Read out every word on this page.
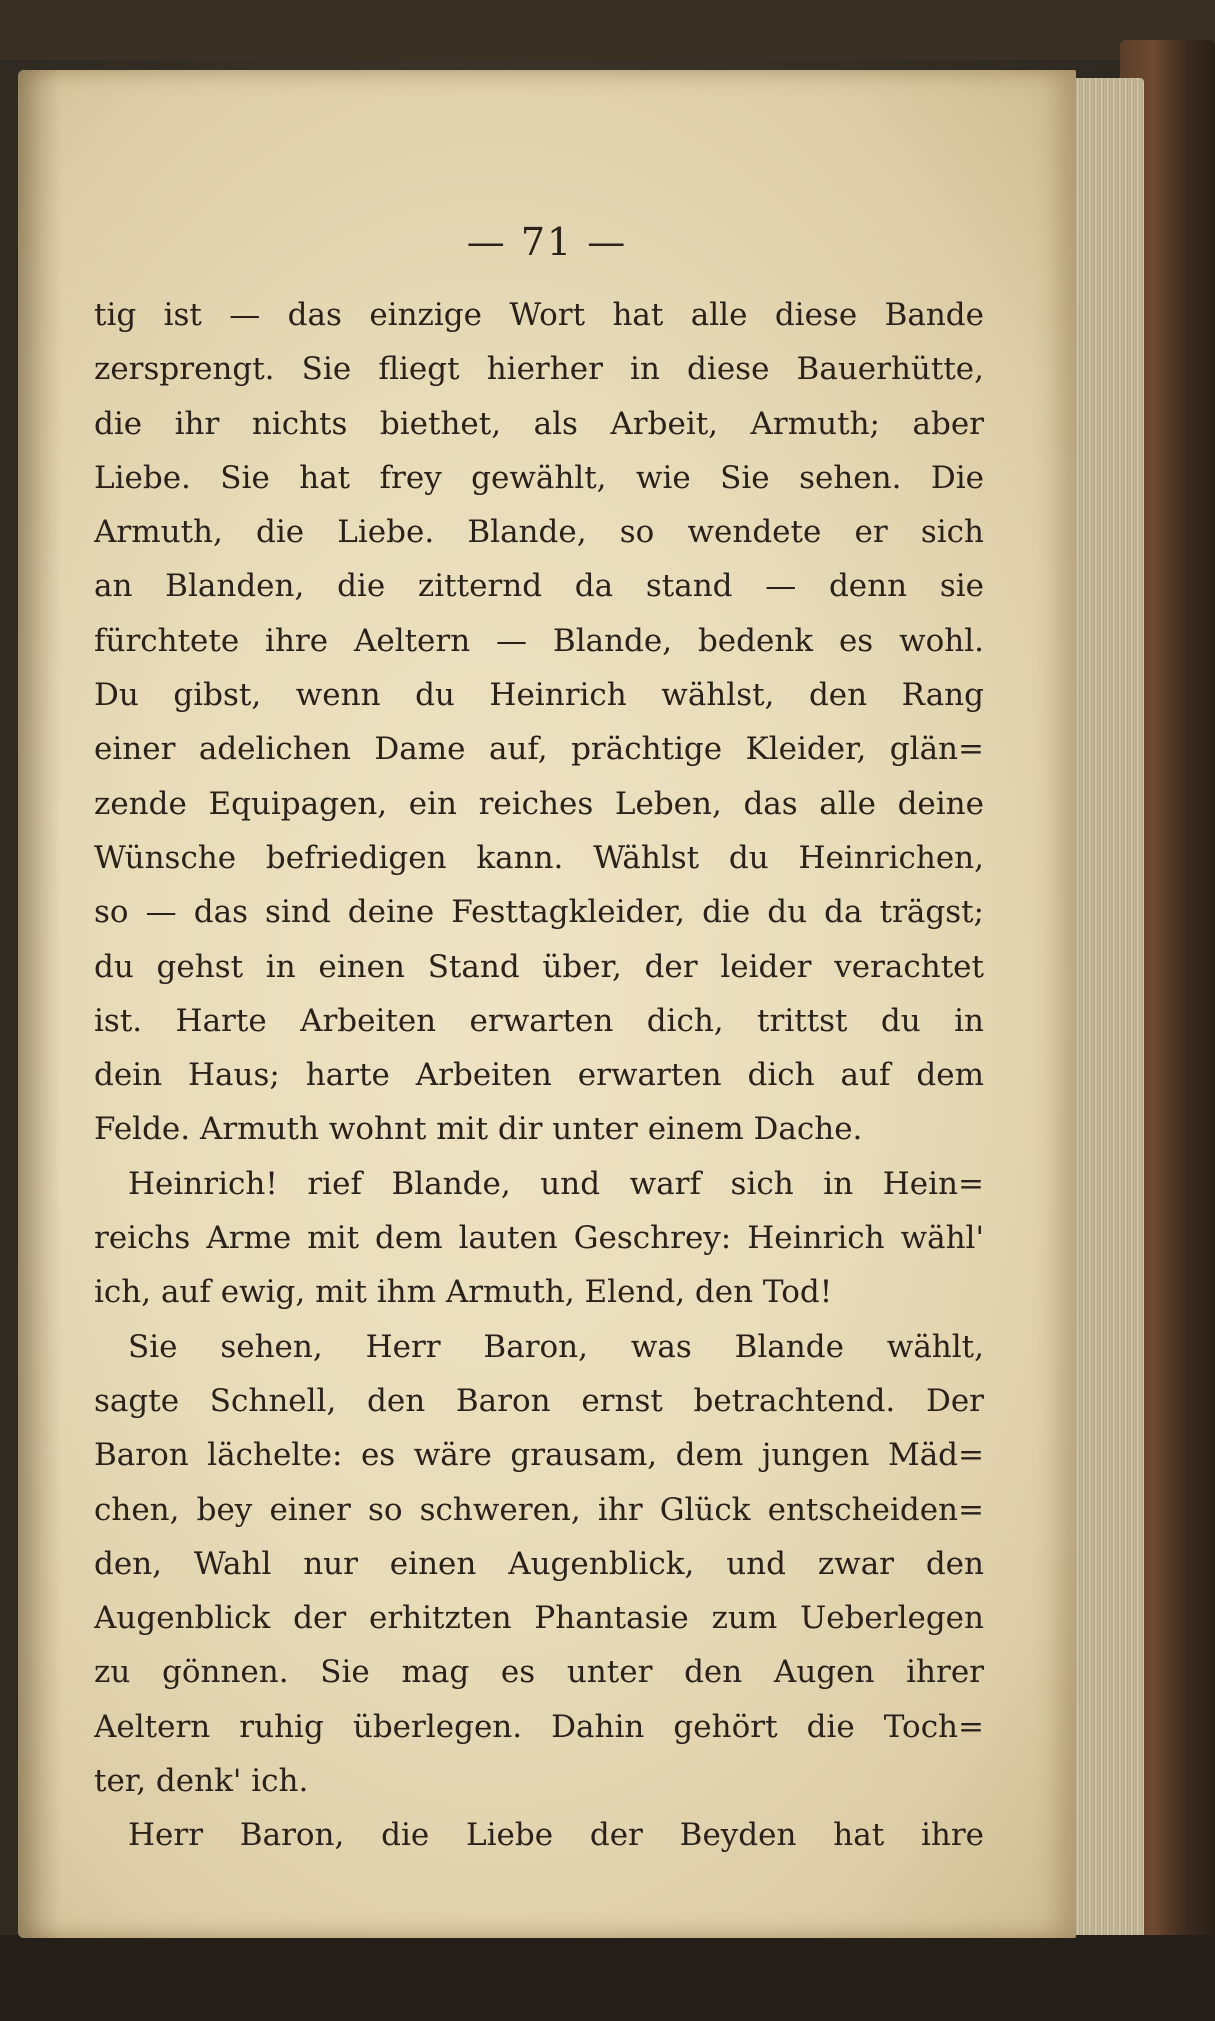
— 71 —
tig ist — das einzige Wort hat alle diese Bande
zersprengt. Sie fliegt hierher in diese Bauerhütte,
die ihr nichts biethet, als Arbeit, Armuth; aber
Liebe. Sie hat frey gewählt, wie Sie sehen. Die
Armuth, die Liebe. Blande, so wendete er sich
an Blanden, die zitternd da stand — denn sie
fürchtete ihre Aeltern — Blande, bedenk es wohl.
Du gibst, wenn du Heinrich wählst, den Rang
einer adelichen Dame auf, prächtige Kleider, glän=
zende Equipagen, ein reiches Leben, das alle deine
Wünsche befriedigen kann. Wählst du Heinrichen,
so — das sind deine Festtagkleider, die du da trägst;
du gehst in einen Stand über, der leider verachtet
ist. Harte Arbeiten erwarten dich, trittst du in
dein Haus; harte Arbeiten erwarten dich auf dem
Felde. Armuth wohnt mit dir unter einem Dache.
Heinrich! rief Blande, und warf sich in Hein=
reichs Arme mit dem lauten Geschrey: Heinrich wähl'
ich, auf ewig, mit ihm Armuth, Elend, den Tod!
Sie sehen, Herr Baron, was Blande wählt,
sagte Schnell, den Baron ernst betrachtend. Der
Baron lächelte: es wäre grausam, dem jungen Mäd=
chen, bey einer so schweren, ihr Glück entscheiden=
den, Wahl nur einen Augenblick, und zwar den
Augenblick der erhitzten Phantasie zum Ueberlegen
zu gönnen. Sie mag es unter den Augen ihrer
Aeltern ruhig überlegen. Dahin gehört die Toch=
ter, denk' ich.
Herr Baron, die Liebe der Beyden hat ihre
